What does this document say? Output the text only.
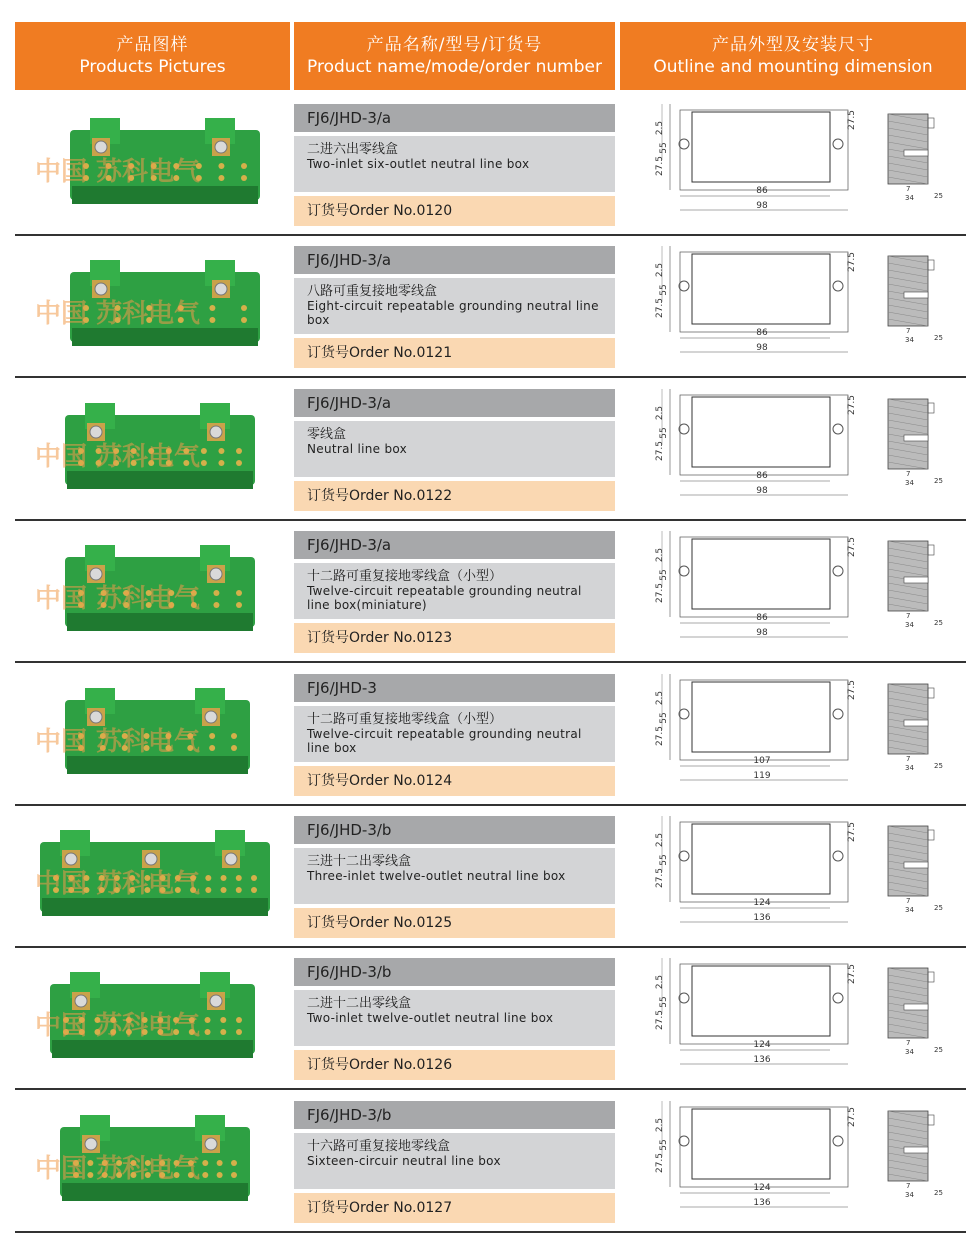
产品图样
Products Pictures
产品名称/型号/订货号
Product name/mode/order number
产品外型及安装尺寸
Outline and mounting dimension
中国 苏科电气
FJ6/JHD-3/a
二进六出零线盒
Two-inlet six-outlet neutral line box
订货号Order No.0120
55
2.5
27.5
27.5
86
98
7
34	25
中国 苏科电气
FJ6/JHD-3/a
八路可重复接地零线盒
Eight-circuit repeatable grounding neutral line box
订货号Order No.0121
55
2.5
27.5
27.5
86
98
7
34	25
中国 苏科电气
FJ6/JHD-3/a
零线盒
Neutral line box
订货号Order No.0122
55
2.5
27.5
27.5
86
98
7
34	25
中国 苏科电气
FJ6/JHD-3/a
十二路可重复接地零线盒（小型）
Twelve-circuit repeatable grounding neutral line box(miniature)
订货号Order No.0123
55
2.5
27.5
27.5
86
98
7
34	25
中国 苏科电气
FJ6/JHD-3
十二路可重复接地零线盒（小型）
Twelve-circuit repeatable grounding neutral line box
订货号Order No.0124
55
2.5
27.5
27.5
107
119
7
34	25
中国 苏科电气
FJ6/JHD-3/b
三进十二出零线盒
Three-inlet twelve-outlet neutral line box
订货号Order No.0125
55
2.5
27.5
27.5
124
136
7
34	25
中国 苏科电气
FJ6/JHD-3/b
二进十二出零线盒
Two-inlet twelve-outlet neutral line box
订货号Order No.0126
55
2.5
27.5
27.5
124
136
7
34	25
中国 苏科电气
FJ6/JHD-3/b
十六路可重复接地零线盒
Sixteen-circuir neutral line box
订货号Order No.0127
55
2.5
27.5
27.5
124
136
7
34	25
